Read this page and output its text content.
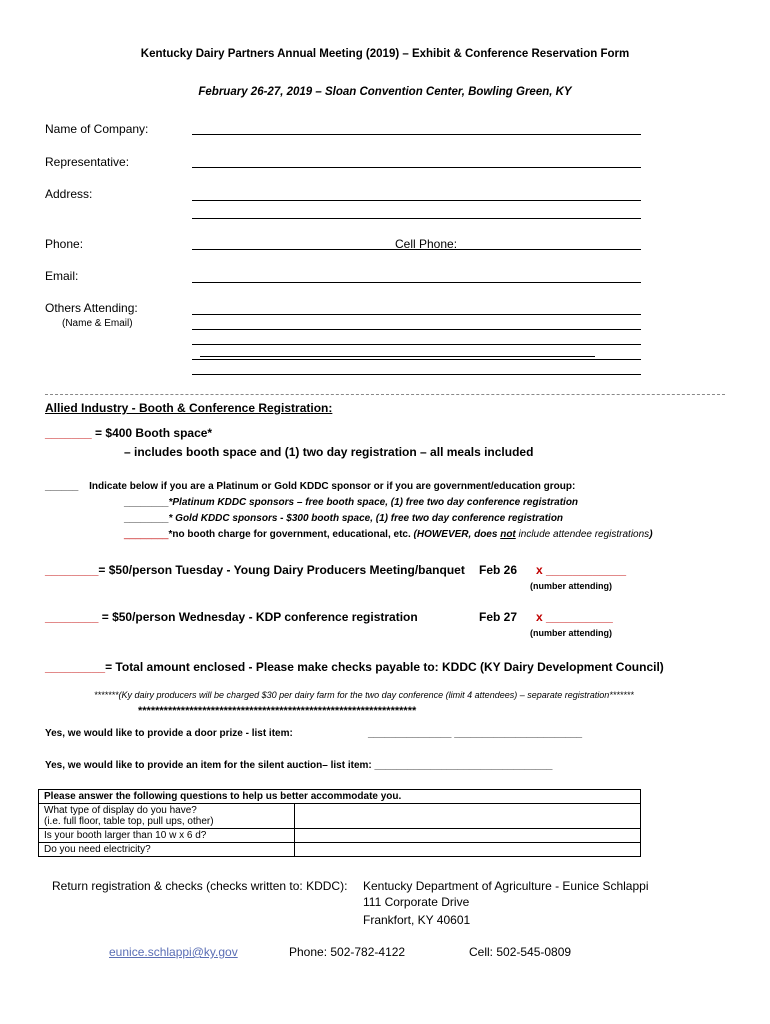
Kentucky Dairy Partners Annual Meeting (2019) – Exhibit & Conference Reservation Form
February 26-27, 2019 – Sloan Convention Center, Bowling Green, KY
Name of Company:
Representative:
Address:
Phone:	Cell Phone:
Email:
Others Attending:
(Name & Email)
Allied Industry - Booth & Conference Registration:
_______ = $400 Booth space*
– includes booth space and (1) two day registration – all meals included
______ Indicate below if you are a Platinum or Gold KDDC sponsor or if you are government/education group:
________*Platinum KDDC sponsors – free booth space, (1) free two day conference registration
________* Gold KDDC sponsors - $300 booth space, (1) free two day conference registration
________*no booth charge for government, educational, etc. (HOWEVER, does not include attendee registrations)
________= $50/person Tuesday - Young Dairy Producers Meeting/banquet Feb 26 x ____________
(number attending)
________ = $50/person Wednesday - KDP conference registration	Feb 27 x __________
(number attending)
_________= Total amount enclosed - Please make checks payable to: KDDC (KY Dairy Development Council)
*******(Ky dairy producers will be charged $30 per dairy farm for the two day conference (limit 4 attendees) – separate registration*******
*****************************************************************
Yes, we would like to provide a door prize - list item:	_______________ _______________________
Yes, we would like to provide an item for the silent auction– list item: ________________________________
Please answer the following questions to help us better accommodate you.	

What type of display do you have?
(i.e. full floor, table top, pull ups, other)	

Is your booth larger than 10 w x 6 d?	
Do you need electricity?	
Return registration & checks (checks written to: KDDC): Kentucky Department of Agriculture - Eunice Schlappi
111 Corporate Drive
Frankfort, KY 40601
eunice.schlappi@ky.gov	Phone: 502-782-4122	Cell: 502-545-0809
